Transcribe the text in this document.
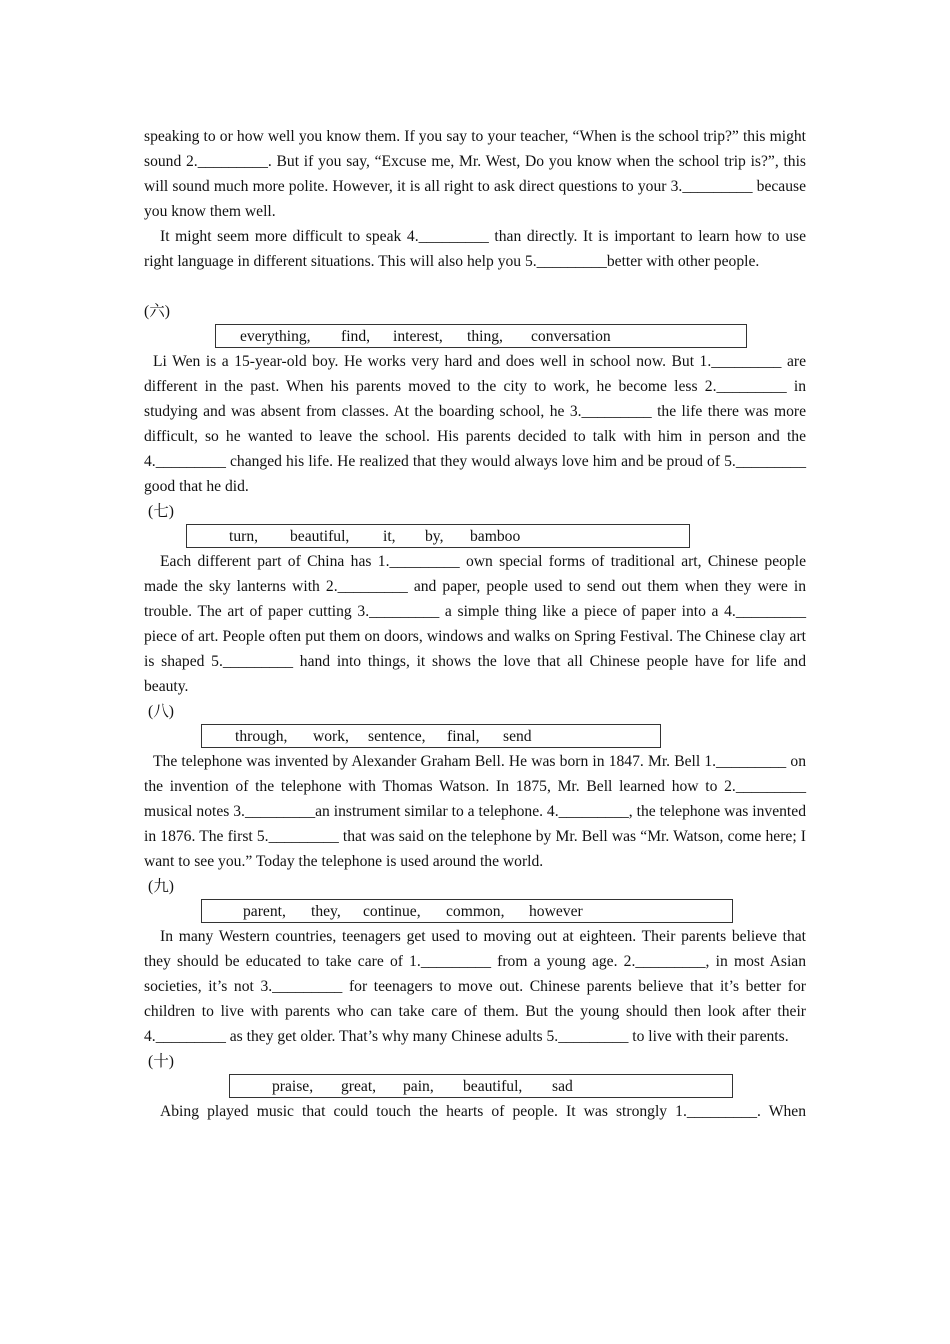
speaking to or how well you know them. If you say to your teacher, “When is the school trip?” this might sound 2._________. But if you say, “Excuse me, Mr. West, Do you know when the school trip is?”, this will sound much more polite. However, it is all right to ask direct questions to your 3._________ because you know them well.

It might seem more difficult to speak 4._________ than directly. It is important to learn how to use right language in different situations. This will also help you 5._________better with other people.

(六)

everything, find, interest, thing, conversation

Li Wen is a 15-year-old boy. He works very hard and does well in school now. But 1._________ are different in the past. When his parents moved to the city to work, he become less 2._________ in studying and was absent from classes. At the boarding school, he 3._________ the life there was more difficult, so he wanted to leave the school. His parents decided to talk with him in person and the 4._________ changed his life. He realized that they would always love him and be proud of 5._________ good that he did.

(七)

turn, beautiful, it, by, bamboo

Each different part of China has 1._________ own special forms of traditional art, Chinese people made the sky lanterns with 2._________ and paper, people used to send out them when they were in trouble. The art of paper cutting 3._________ a simple thing like a piece of paper into a 4._________ piece of art. People often put them on doors, windows and walks on Spring Festival. The Chinese clay art is shaped 5._________ hand into things, it shows the love that all Chinese people have for life and beauty.

(八)

through, work, sentence, final, send

The telephone was invented by Alexander Graham Bell. He was born in 1847. Mr. Bell 1._________ on the invention of the telephone with Thomas Watson. In 1875, Mr. Bell learned how to 2._________ musical notes 3._________an instrument similar to a telephone. 4._________, the telephone was invented in 1876. The first 5._________ that was said on the telephone by Mr. Bell was “Mr. Watson, come here; I want to see you.” Today the telephone is used around the world.

(九)

parent, they, continue, common, however

In many Western countries, teenagers get used to moving out at eighteen. Their parents believe that they should be educated to take care of 1._________ from a young age. 2._________, in most Asian societies, it’s not 3._________ for teenagers to move out. Chinese parents believe that it’s better for children to live with parents who can take care of them. But the young should then look after their 4._________ as they get older. That’s why many Chinese adults 5._________ to live with their parents.

(十)

praise, great, pain, beautiful, sad

Abing played music that could touch the hearts of people. It was strongly 1._________. When
